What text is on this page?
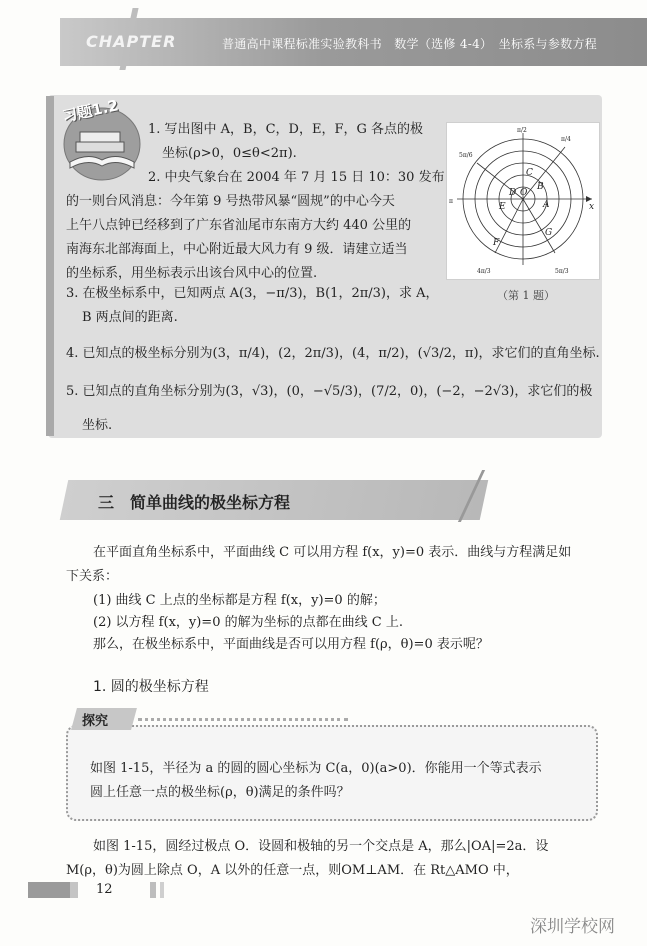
CHAPTER	普通高中课程标准实验教科书　数学（选修 4-4）　坐标系与参数方程
习题1.2
1. 写出图中 A，B，C，D，E，F，G 各点的极
坐标(ρ>0，0≤θ<2π).
2. 中央气象台在 2004 年 7 月 15 日 10：30 发布
的一则台风消息：今年第 9 号热带风暴“圆规”的中心今天
上午八点钟已经移到了广东省汕尾市东南方大约 440 公里的
南海东北部海面上，中心附近最大风力有 9 级．请建立适当
的坐标系，用坐标表示出该台风中心的位置.
3. 在极坐标系中，已知两点 A(3，−π/3)，B(1，2π/3)，求 A，
B 两点间的距离.
4. 已知点的极坐标分别为(3，π/4)，(2，2π/3)，(4，π/2)，(√3/2，π)，求它们的直角坐标.
5. 已知点的直角坐标分别为(3，√3)，(0，−√5/3)，(7/2，0)，(−2，−2√3)，求它们的极
坐标.
C
B
D O
A
E
F
G
x
π/2
π/4
5π/6
π
4π/3	5π/3
（第 1 题）
三 简单曲线的极坐标方程
在平面直角坐标系中，平面曲线 C 可以用方程 f(x，y)=0 表示．曲线与方程满足如
下关系：
(1) 曲线 C 上点的坐标都是方程 f(x，y)=0 的解；
(2) 以方程 f(x，y)=0 的解为坐标的点都在曲线 C 上.
那么，在极坐标系中，平面曲线是否可以用方程 f(ρ，θ)=0 表示呢？
1. 圆的极坐标方程
探究
如图 1-15，半径为 a 的圆的圆心坐标为 C(a，0)(a>0)．你能用一个等式表示
圆上任意一点的极坐标(ρ，θ)满足的条件吗？
如图 1-15，圆经过极点 O．设圆和极轴的另一个交点是 A，那么|OA|=2a．设
M(ρ，θ)为圆上除点 O，A 以外的任意一点，则OM⊥AM．在 Rt△AMO 中，
12
深圳学校网
